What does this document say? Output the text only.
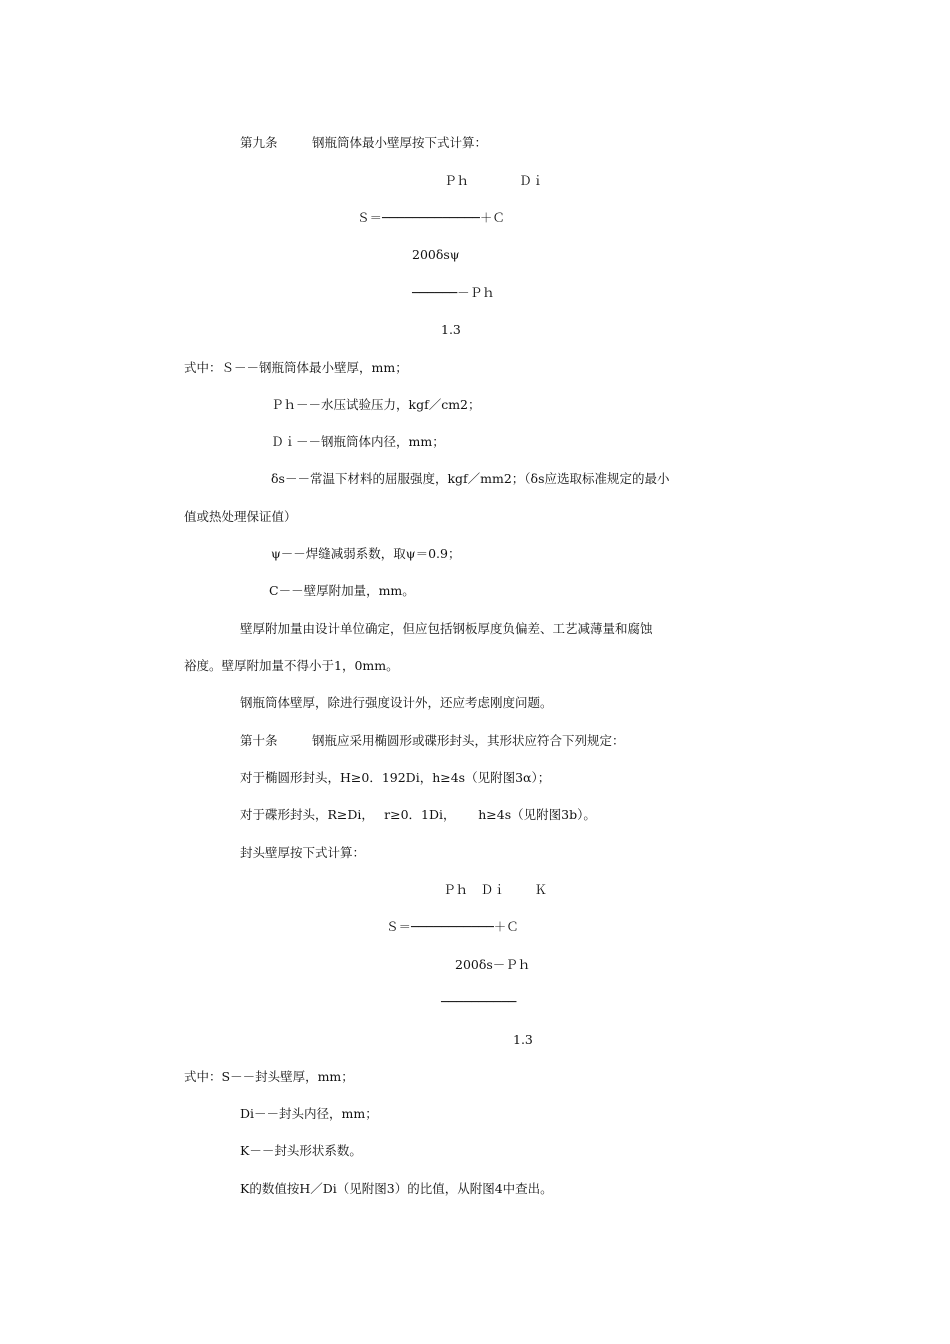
第九条	钢瓶筒体最小壁厚按下式计算：
Ｐｈ　　　　Ｄｉ
Ｓ＝─────────────＋Ｃ
200δsψ
──────－Ｐｈ
1.3
式中：Ｓ－－钢瓶筒体最小壁厚，mm；
Ｐｈ－－水压试验压力，kgf／cm2；
Ｄｉ－－钢瓶筒体内径，mm；
δs－－常温下材料的屈服强度，kgf／mm2；（δs应选取标准规定的最小
值或热处理保证值）
ψ－－焊缝减弱系数，取ψ＝0.9；
C－－壁厚附加量，mm。
壁厚附加量由设计单位确定，但应包括钢板厚度负偏差、工艺减薄量和腐蚀
裕度。壁厚附加量不得小于1，0mm。
钢瓶筒体壁厚，除进行强度设计外，还应考虑刚度问题。
第十条	钢瓶应采用椭圆形或碟形封头，其形状应符合下列规定：
对于椭圆形封头，H≥0．192Di，h≥4s（见附图3α）；
对于碟形封头，R≥Di，　 r≥0．1Di，　　 h≥4s（见附图3b）。
封头壁厚按下式计算：
Ｐｈ　Ｄｉ　　 Ｋ
Ｓ＝───────────＋Ｃ
200δs－Ｐｈ
──────────
1.3
式中：S－－封头壁厚，mm；
Di－－封头内径，mm；
K－－封头形状系数。
K的数值按H／Di（见附图3）的比值，从附图4中查出。
